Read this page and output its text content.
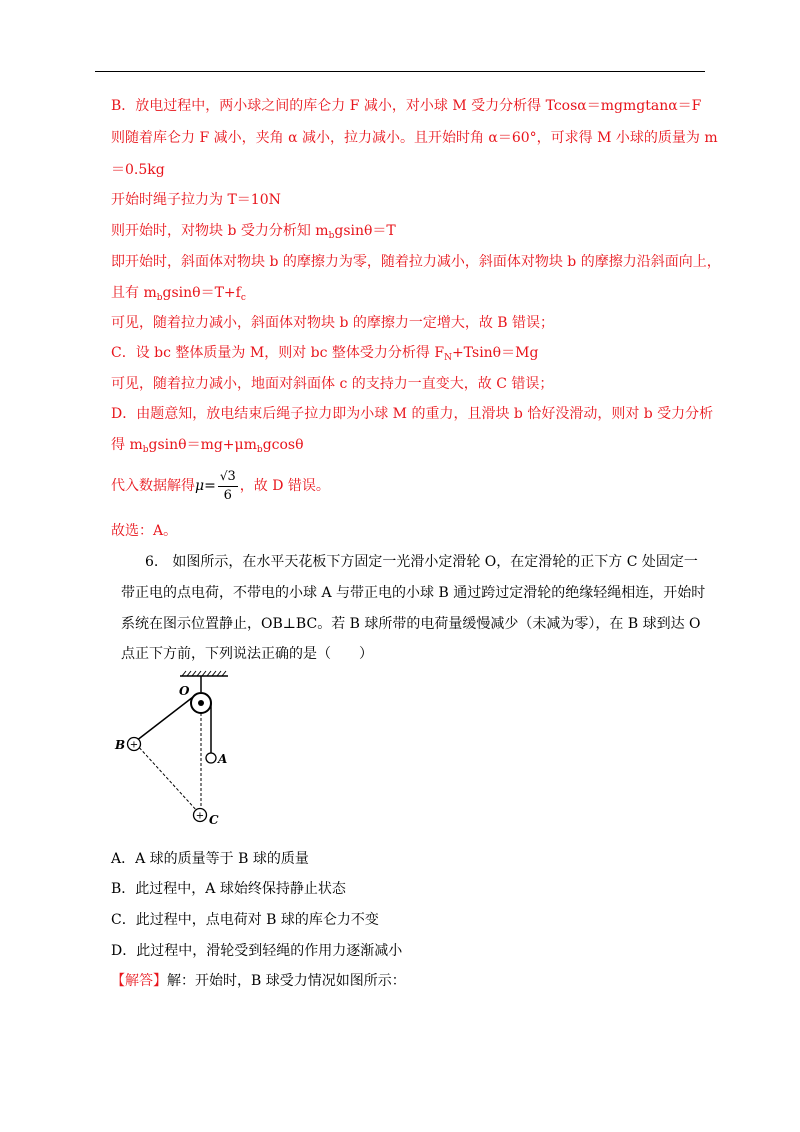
B．放电过程中，两小球之间的库仑力 F 减小，对小球 M 受力分析得 Tcosα＝mgmgtanα＝F
则随着库仑力 F 减小，夹角 α 减小，拉力减小。且开始时角 α＝60°，可求得 M 小球的质量为 m
＝0.5kg
开始时绳子拉力为 T＝10N
则开始时，对物块 b 受力分析知 $m_bgsin\theta=T$
即开始时，斜面体对物块 b 的摩擦力为零，随着拉力减小，斜面体对物块 b 的摩擦力沿斜面向上，
且有 $m_bgsin\theta=T+f_c$
可见，随着拉力减小，斜面体对物块 b 的摩擦力一定增大，故 B 错误；
C．设 bc 整体质量为 M，则对 bc 整体受力分析得 $F_N+Tsin\theta=Mg$
可见，随着拉力减小，地面对斜面体 c 的支持力一直变大，故 C 错误；
D．由题意知，放电结束后绳子拉力即为小球 M 的重力，且滑块 b 恰好没滑动，则对 b 受力分析
得 $m_bgsin\theta=mg+\mu m_bgcos\theta$
代入数据解得$\mu= \frac{√3}{6}$ ，故 D 错误。
故选：A。
6.　如图所示，在水平天花板下方固定一光滑小定滑轮 O，在定滑轮的正下方 C 处固定一
带正电的点电荷，不带电的小球 A 与带正电的小球 B 通过跨过定滑轮的绝缘轻绳相连，开始时
系统在图示位置静止，OB⊥BC。若 B 球所带的电荷量缓慢减少（未减为零），在 B 球到达 O
点正下方前，下列说法正确的是（　　）
+
+
O
B
A
C
A．A 球的质量等于 B 球的质量
B．此过程中，A 球始终保持静止状态
C．此过程中，点电荷对 B 球的库仑力不变
D．此过程中，滑轮受到轻绳的作用力逐渐减小
【解答】解：开始时，B 球受力情况如图所示：
